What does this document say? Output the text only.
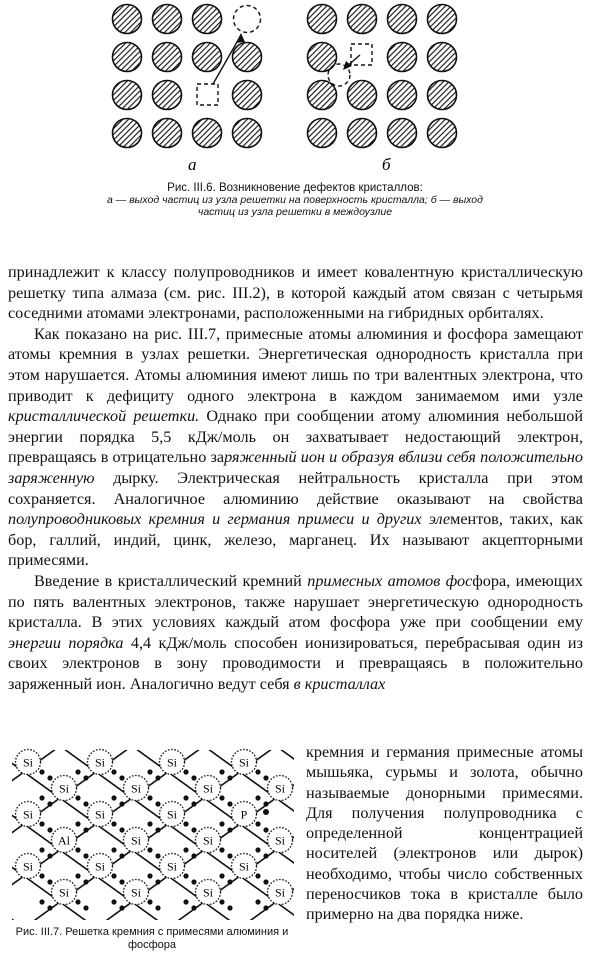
а	б
Рис. III.6. Возникновение дефектов кристаллов:
а — выход частиц из узла решетки на поверхность кристалла; б — выход частиц из узла решетки в междоузлие

принадлежит к классу полупроводников и имеет ковалентную кристаллическую решетку типа алмаза (см. рис. III.2), в которой каждый атом связан с четырьмя соседними атомами электронами, расположенными на гибридных орбиталях.

Как показано на рис. III.7, примесные атомы алюминия и фосфора замещают атомы кремния в узлах решетки. Энергетическая однородность кристалла при этом нарушается. Атомы алюминия имеют лишь по три валентных электрона, что приводит к дефициту одного электрона в каждом занимаемом ими узле кристаллической решетки. Однако при сообщении атому алюминия небольшой энергии порядка 5,5 кДж/моль он захватывает недостающий электрон, превращаясь в отрицательно заряженный ион и образуя вблизи себя положительно заряженную дырку. Электрическая нейтральность кристалла при этом сохраняется. Аналогичное алюминию действие оказывают на свойства полупроводниковых кремния и германия примеси и других элементов, таких, как бор, галлий, индий, цинк, железо, марганец. Их называют акцепторными примесями.

Введение в кристаллический кремний примесных атомов фосфора, имеющих по пять валентных электронов, также нарушает энергетическую однородность кристалла. В этих условиях каждый атом фосфора уже при сообщении ему энергии порядка 4,4 кДж/моль способен ионизироваться, перебрасывая один из своих электронов в зону проводимости и превращаясь в положительно заряженный ион. Аналогично ведут себя в кристаллах

Si	Si	Si	Si
Si	Si	Si	Si
Si	Si	Si	P
Al	Si	Si	Si
Si	Si	Si	Si
Si	Si	Si	Si
Рис. III.7. Решетка кремния с примесями алюминия и фосфора

кремния и германия примесные атомы мышьяка, сурьмы и золота, обычно называемые донорными примесями. Для получения полупроводника с определенной концентрацией носителей (электронов или дырок) необходимо, чтобы число собственных переносчиков тока в кристалле было примерно на два порядка ниже.
